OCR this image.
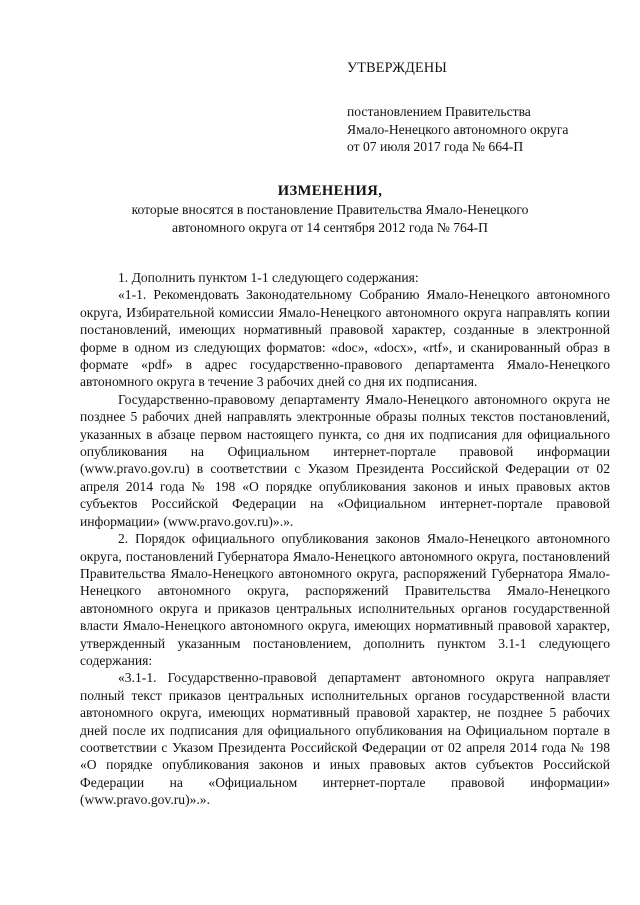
УТВЕРЖДЕНЫ
постановлением Правительства
Ямало-Ненецкого автономного округа
от 07 июля 2017 года № 664-П
ИЗМЕНЕНИЯ,
которые вносятся в постановление Правительства Ямало-Ненецкого
автономного округа от 14 сентября 2012 года № 764-П

1. Дополнить пунктом 1-1 следующего содержания:

«1-1. Рекомендовать Законодательному Собранию Ямало-Ненецкого автономного округа, Избирательной комиссии Ямало-Ненецкого автономного округа направлять копии постановлений, имеющих нормативный правовой характер, созданные в электронной форме в одном из следующих форматов: «doc», «docx», «rtf», и сканированный образ в формате «pdf» в адрес государственно-правового департамента Ямало-Ненецкого автономного округа в течение 3 рабочих дней со дня их подписания.

Государственно-правовому департаменту Ямало-Ненецкого автономного округа не позднее 5 рабочих дней направлять электронные образы полных текстов постановлений, указанных в абзаце первом настоящего пункта, со дня их подписания для официального опубликования на Официальном интернет-портале правовой информации (www.pravo.gov.ru) в соответствии с Указом Президента Российской Федерации от 02 апреля 2014 года № 198 «О порядке опубликования законов и иных правовых актов субъектов Российской Федерации на «Официальном интернет-портале правовой информации» (www.pravo.gov.ru)».».

2. Порядок официального опубликования законов Ямало-Ненецкого автономного округа, постановлений Губернатора Ямало-Ненецкого автономного округа, постановлений Правительства Ямало-Ненецкого автономного округа, распоряжений Губернатора Ямало-Ненецкого автономного округа, распоряжений Правительства Ямало-Ненецкого автономного округа и приказов центральных исполнительных органов государственной власти Ямало-Ненецкого автономного округа, имеющих нормативный правовой характер, утвержденный указанным постановлением, дополнить пунктом 3.1-1 следующего содержания:

«3.1-1. Государственно-правовой департамент автономного округа направляет полный текст приказов центральных исполнительных органов государственной власти автономного округа, имеющих нормативный правовой характер, не позднее 5 рабочих дней после их подписания для официального опубликования на Официальном портале в соответствии с Указом Президента Российской Федерации от 02 апреля 2014 года № 198 «О порядке опубликования законов и иных правовых актов субъектов Российской Федерации на «Официальном интернет-портале правовой информации» (www.pravo.gov.ru)».».
